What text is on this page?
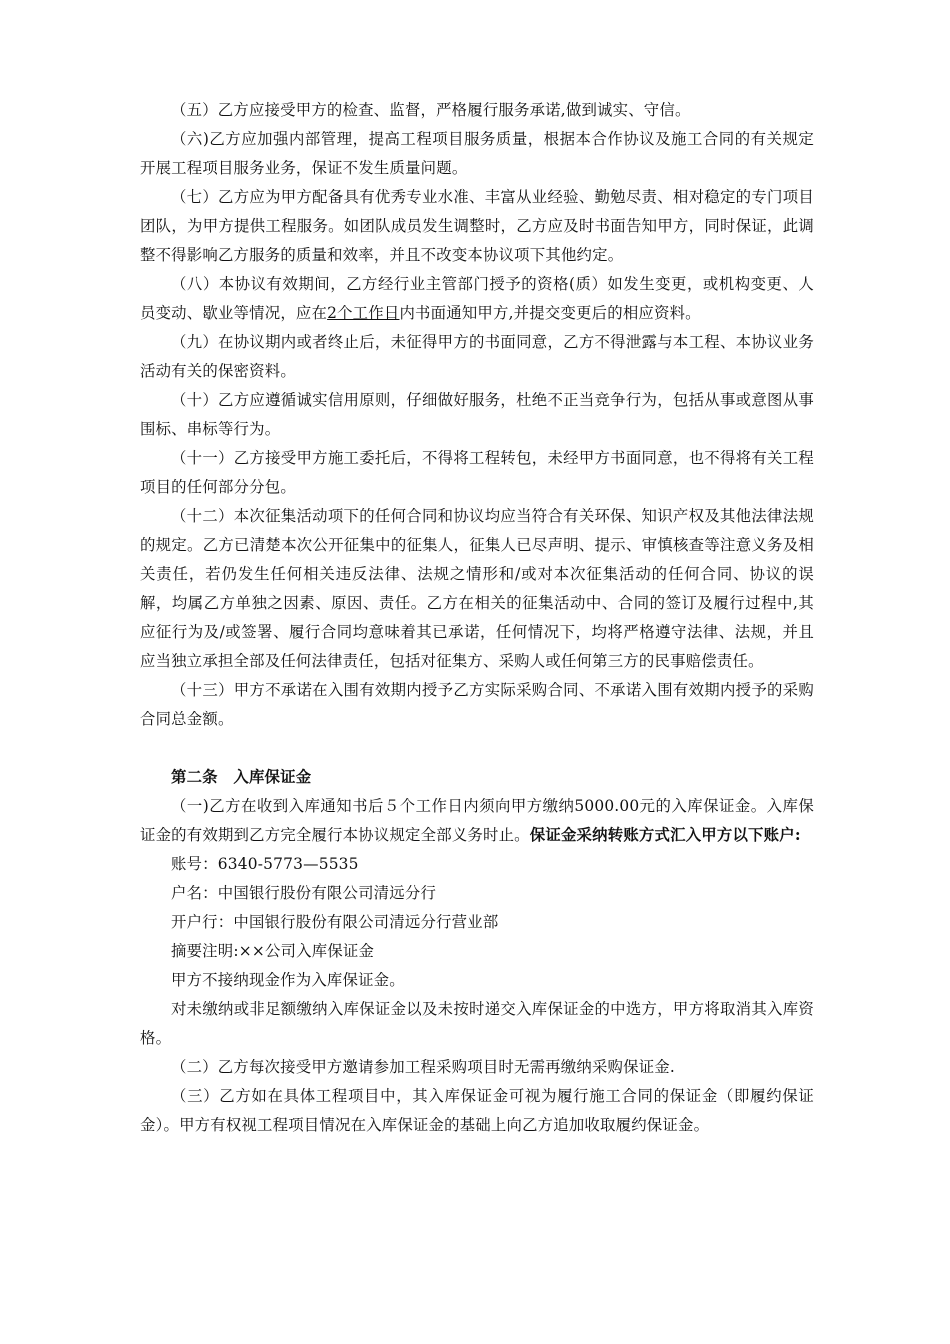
（五）乙方应接受甲方的检查、监督，严格履行服务承诺,做到诚实、守信。

（六)乙方应加强内部管理，提高工程项目服务质量，根据本合作协议及施工合同的有关规定开展工程项目服务业务，保证不发生质量问题。

（七）乙方应为甲方配备具有优秀专业水准、丰富从业经验、勤勉尽责、相对稳定的专门项目团队，为甲方提供工程服务。如团队成员发生调整时，乙方应及时书面告知甲方，同时保证，此调整不得影响乙方服务的质量和效率，并且不改变本协议项下其他约定。

（八）本协议有效期间，乙方经行业主管部门授予的资格(质）如发生变更，或机构变更、人员变动、歇业等情况，应在2个工作日内书面通知甲方,并提交变更后的相应资料。

（九）在协议期内或者终止后，未征得甲方的书面同意，乙方不得泄露与本工程、本协议业务活动有关的保密资料。

（十）乙方应遵循诚实信用原则，仔细做好服务，杜绝不正当竞争行为，包括从事或意图从事围标、串标等行为。

（十一）乙方接受甲方施工委托后，不得将工程转包，未经甲方书面同意，也不得将有关工程项目的任何部分分包。

（十二）本次征集活动项下的任何合同和协议均应当符合有关环保、知识产权及其他法律法规的规定。乙方已清楚本次公开征集中的征集人，征集人已尽声明、提示、审慎核查等注意义务及相关责任，若仍发生任何相关违反法律、法规之情形和/或对本次征集活动的任何合同、协议的误解，均属乙方单独之因素、原因、责任。乙方在相关的征集活动中、合同的签订及履行过程中,其应征行为及/或签署、履行合同均意味着其已承诺，任何情况下，均将严格遵守法律、法规，并且应当独立承担全部及任何法律责任，包括对征集方、采购人或任何第三方的民事赔偿责任。

（十三）甲方不承诺在入围有效期内授予乙方实际采购合同、不承诺入围有效期内授予的采购合同总金额。

第二条　入库保证金

（一)乙方在收到入库通知书后５个工作日内须向甲方缴纳5000.00元的入库保证金。入库保证金的有效期到乙方完全履行本协议规定全部义务时止。保证金采纳转账方式汇入甲方以下账户:

账号：6340-5773—5535

户名：中国银行股份有限公司清远分行

开户行：中国银行股份有限公司清远分行营业部

摘要注明:××公司入库保证金

甲方不接纳现金作为入库保证金。

对未缴纳或非足额缴纳入库保证金以及未按时递交入库保证金的中选方，甲方将取消其入库资格。

（二）乙方每次接受甲方邀请参加工程采购项目时无需再缴纳采购保证金.

（三）乙方如在具体工程项目中，其入库保证金可视为履行施工合同的保证金（即履约保证金）。甲方有权视工程项目情况在入库保证金的基础上向乙方追加收取履约保证金。
